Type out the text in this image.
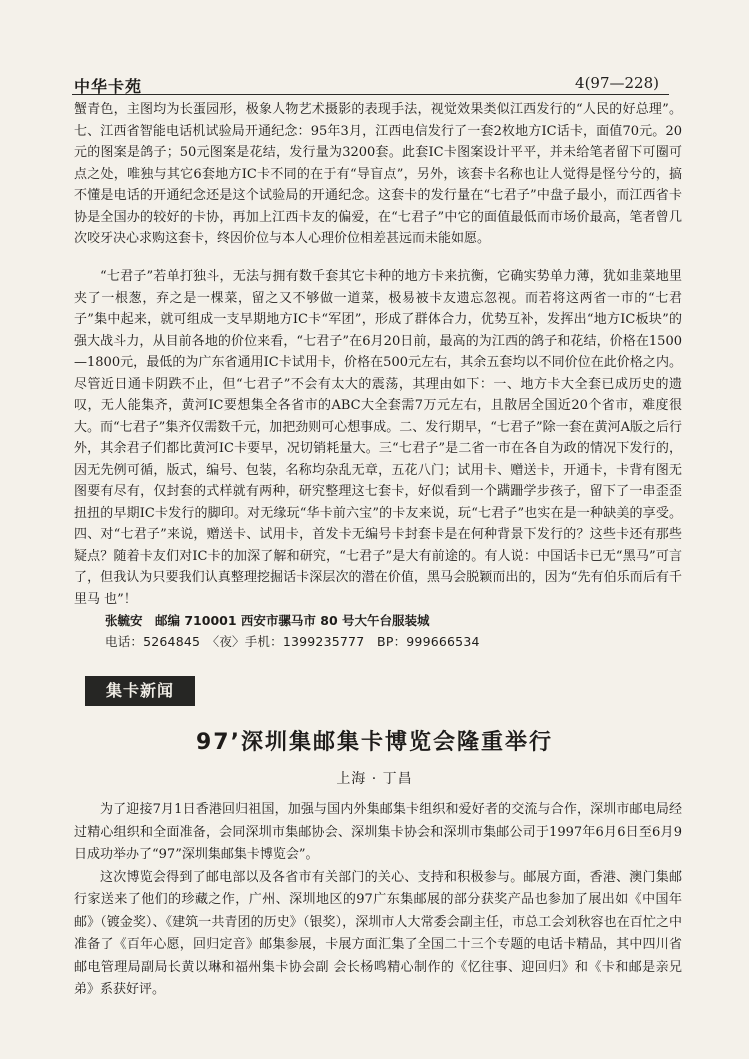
中华卡苑	4(97—228)

蟹青色，主图均为长蛋园形，极象人物艺术摄影的表现手法，视觉效果类似江西发行的“人民的好总理”。七、江西省智能电话机试验局开通纪念：95年3月，江西电信发行了一套2枚地方IC话卡，面值70元。20元的图案是鸽子；50元图案是花结，发行量为3200套。此套IC卡图案设计平平，并未给笔者留下可圈可点之处，唯独与其它6套地方IC卡不同的在于有“导盲点”，另外，该套卡名称也让人觉得是怪兮兮的，搞不懂是电话的开通纪念还是这个试验局的开通纪念。这套卡的发行量在“七君子”中盘子最小，而江西省卡协是全国办的较好的卡协，再加上江西卡友的偏爱，在“七君子”中它的面值最低而市场价最高，笔者曾几次咬牙决心求购这套卡，终因价位与本人心理价位相差甚远而未能如愿。

“七君子”若单打独斗，无法与拥有数千套其它卡种的地方卡来抗衡，它确实势单力薄，犹如韭菜地里夹了一根葱，弃之是一棵菜，留之又不够做一道菜，极易被卡友遗忘忽视。而若将这两省一市的“七君子”集中起来，就可组成一支早期地方IC卡“军团”，形成了群体合力，优势互补，发挥出“地方IC板块”的强大战斗力，从目前各地的价位来看，“七君子”在6月20日前，最高的为江西的鸽子和花结，价格在1500—1800元，最低的为广东省通用IC卡试用卡，价格在500元左右，其余五套均以不同价位在此价格之内。尽管近日通卡阴跌不止，但“七君子”不会有太大的震荡，其理由如下：一、地方卡大全套已成历史的遗叹，无人能集齐，黄河IC要想集全各省市的ABC大全套需7万元左右，且散居全国近20个省市，难度很大。而“七君子”集齐仅需数千元，加把劲则可心想事成。二、发行期早，“七君子”除一套在黄河A版之后行外，其余君子们都比黄河IC卡要早，况切销耗量大。三“七君子”是二省一市在各自为政的情况下发行的，因无先例可循，版式，编号、包装，名称均杂乱无章，五花八门；试用卡、赠送卡，开通卡，卡背有图无图要有尽有，仅封套的式样就有两种，研究整理这七套卡，好似看到一个蹒跚学步孩子，留下了一串歪歪扭扭的早期IC卡发行的脚印。对无缘玩“华卡前六宝”的卡友来说，玩“七君子”也实在是一种缺美的享受。四、对“七君子”来说，赠送卡、试用卡，首发卡无编号卡封套卡是在何种背景下发行的？这些卡还有那些疑点？随着卡友们对IC卡的加深了解和研究，“七君子”是大有前途的。有人说：中国话卡已无“黑马”可言了，但我认为只要我们认真整理挖掘话卡深层次的潜在价值，黑马会脱颖而出的，因为“先有伯乐而后有千里马 也”！

张毓安　邮编 710001 西安市骡马市 80 号大午台服装城
电话：5264845　〈夜〉手机：1399235777　BP：999666534
集卡新闻
97’深圳集邮集卡博览会隆重举行
上海 · 丁昌

为了迎接7月1日香港回归祖国，加强与国内外集邮集卡组织和爱好者的交流与合作，深圳市邮电局经过精心组织和全面准备，会同深圳市集邮协会、深圳集卡协会和深圳市集邮公司于1997年6月6日至6月9日成功举办了“97”深圳集邮集卡博览会”。

这次博览会得到了邮电部以及各省市有关部门的关心、支持和积极参与。邮展方面，香港、澳门集邮行家送来了他们的珍藏之作，广州、深圳地区的97广东集邮展的部分获奖产品也参加了展出如《中国年邮》（镀金奖）、《建筑一共青团的历史》（银奖），深圳市人大常委会副主任，市总工会刘秋容也在百忙之中准备了《百年心愿，回归定音》邮集参展，卡展方面汇集了全国二十三个专题的电话卡精品，其中四川省邮电管理局副局长黄以琳和福州集卡协会副 会长杨鸣精心制作的《忆往事、迎回归》和《卡和邮是亲兄弟》系获好评。
